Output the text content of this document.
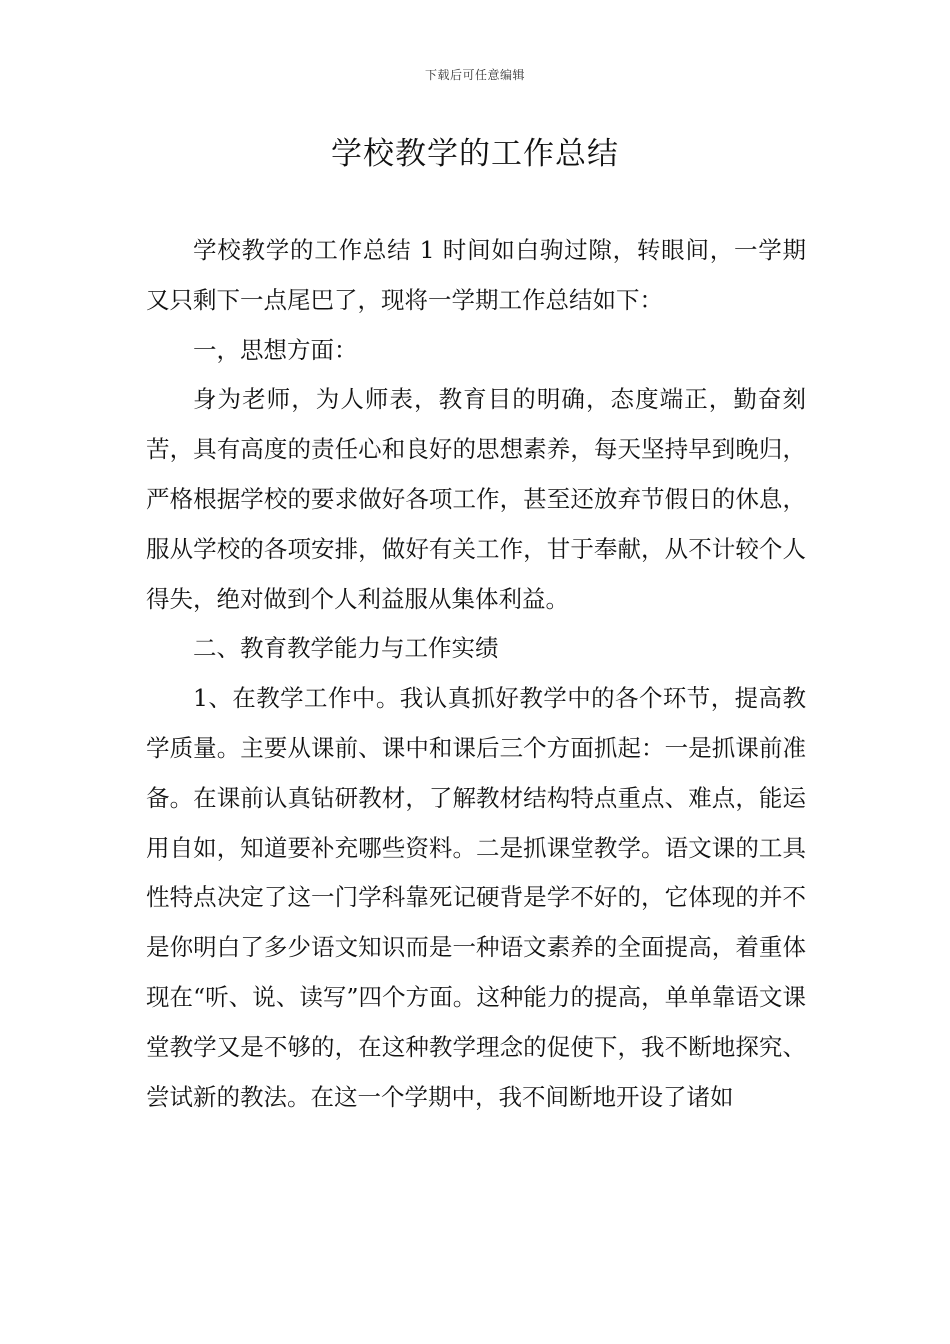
下载后可任意编辑
学校教学的工作总结

学校教学的工作总结 1 时间如白驹过隙，转眼间，一学期又只剩下一点尾巴了，现将一学期工作总结如下：

一，思想方面：

身为老师，为人师表，教育目的明确，态度端正，勤奋刻苦，具有高度的责任心和良好的思想素养，每天坚持早到晚归，严格根据学校的要求做好各项工作，甚至还放弃节假日的休息，服从学校的各项安排，做好有关工作，甘于奉献，从不计较个人得失，绝对做到个人利益服从集体利益。

二、教育教学能力与工作实绩

1、在教学工作中。我认真抓好教学中的各个环节，提高教学质量。主要从课前、课中和课后三个方面抓起：一是抓课前准备。在课前认真钻研教材，了解教材结构特点重点、难点，能运用自如，知道要补充哪些资料。二是抓课堂教学。语文课的工具性特点决定了这一门学科靠死记硬背是学不好的，它体现的并不是你明白了多少语文知识而是一种语文素养的全面提高，着重体现在“听、说、读写”四个方面。这种能力的提高，单单靠语文课堂教学又是不够的，在这种教学理念的促使下，我不断地探究、尝试新的教法。在这一个学期中，我不间断地开设了诸如
